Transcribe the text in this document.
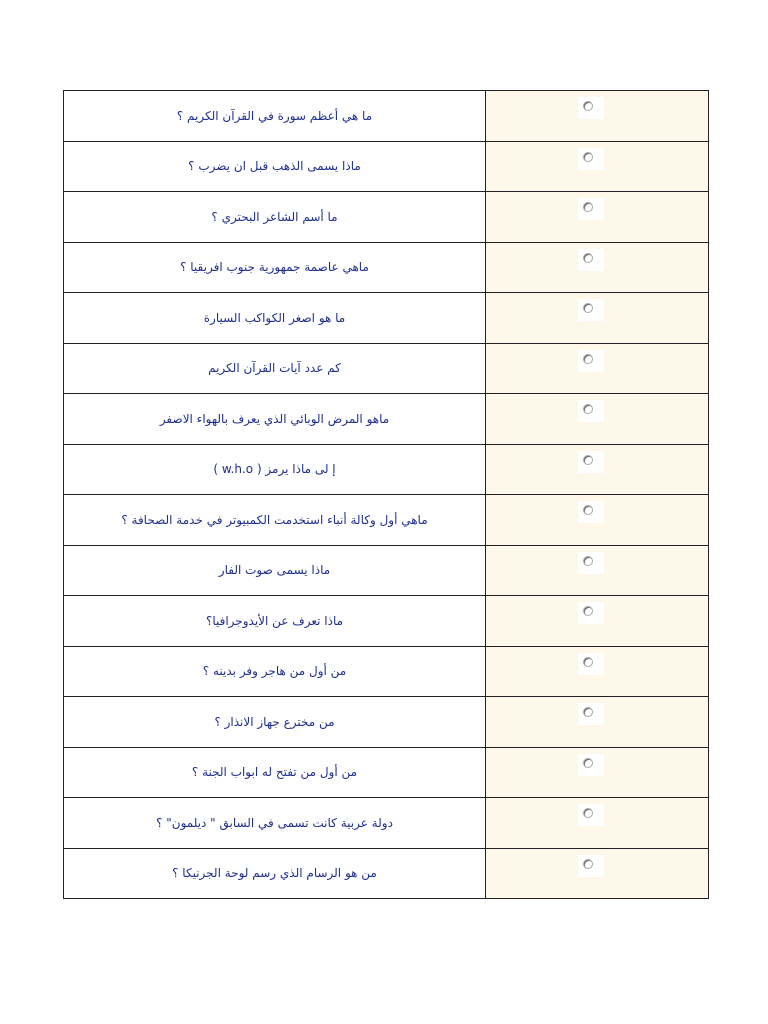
ما هي أعظم سورة في القرآن الكريم ؟	

ماذا يسمى الذهب قبل ان يضرب ؟	

ما أسم الشاعر البحتري ؟	

ماهي عاصمة جمهورية جنوب افريقيا ؟	

ما هو اصغر الكواكب السيارة	

كم عدد آيات القرآن الكريم	

ماهو المرض الوبائي الذي يعرف بالهواء الاصفر	

إ لى ماذا يرمز ( w.h.o )	

ماهي أول وكالة أنباء استخدمت الكمبيوتر في خدمة الصحافة ؟	

ماذا يسمى صوت الفار	

ماذا تعرف عن الأيدوجرافيا؟	

من أول من هاجر وفر بدينه ؟	

من مخترع جهاز الانذار ؟	

من أول من تفتح له ابواب الجنة ؟	

دولة عربية كانت تسمى في السابق " ديلمون" ؟	

من هو الرسام الذي رسم لوحة الجرنيكا ؟	
